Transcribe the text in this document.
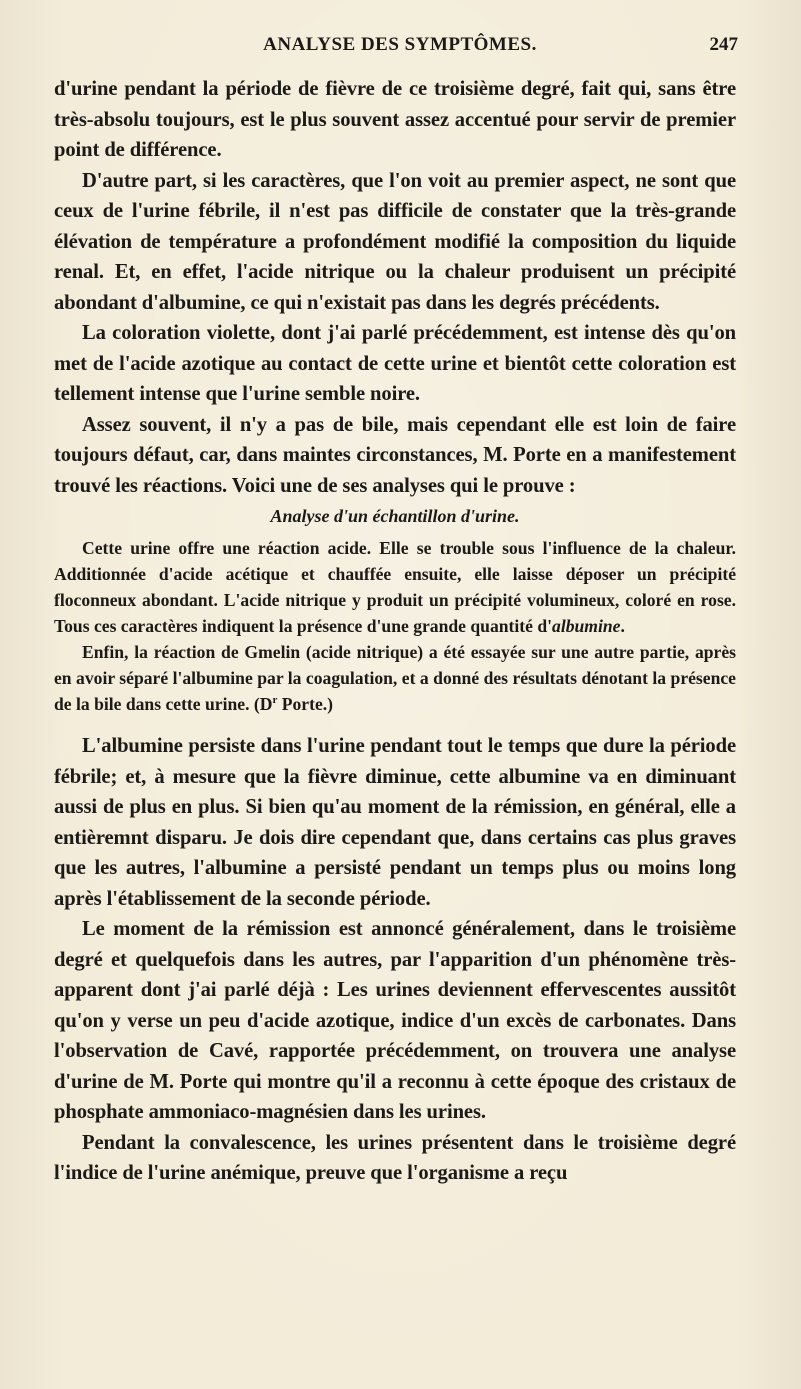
ANALYSE DES SYMPTÔMES.	247

d'urine pendant la période de fièvre de ce troisième degré, fait qui, sans être très-absolu toujours, est le plus souvent assez accentué pour servir de premier point de différence.

D'autre part, si les caractères, que l'on voit au premier aspect, ne sont que ceux de l'urine fébrile, il n'est pas difficile de constater que la très-grande élévation de température a profondément modifié la composition du liquide renal. Et, en effet, l'acide nitrique ou la chaleur produisent un précipité abondant d'albumine, ce qui n'existait pas dans les degrés précédents.

La coloration violette, dont j'ai parlé précédemment, est intense dès qu'on met de l'acide azotique au contact de cette urine et bientôt cette coloration est tellement intense que l'urine semble noire.

Assez souvent, il n'y a pas de bile, mais cependant elle est loin de faire toujours défaut, car, dans maintes circonstances, M. Porte en a manifestement trouvé les réactions. Voici une de ses analyses qui le prouve :

Analyse d'un échantillon d'urine.

Cette urine offre une réaction acide. Elle se trouble sous l'influence de la chaleur. Additionnée d'acide acétique et chauffée ensuite, elle laisse déposer un précipité floconneux abondant. L'acide nitrique y produit un précipité volumineux, coloré en rose. Tous ces caractères indiquent la présence d'une grande quantité d'albumine.

Enfin, la réaction de Gmelin (acide nitrique) a été essayée sur une autre partie, après en avoir séparé l'albumine par la coagulation, et a donné des résultats dénotant la présence de la bile dans cette urine. ($D^r$ Porte.)

L'albumine persiste dans l'urine pendant tout le temps que dure la période fébrile; et, à mesure que la fièvre diminue, cette albumine va en diminuant aussi de plus en plus. Si bien qu'au moment de la rémission, en général, elle a entièremnt disparu. Je dois dire cependant que, dans certains cas plus graves que les autres, l'albumine a persisté pendant un temps plus ou moins long après l'établissement de la seconde période.

Le moment de la rémission est annoncé généralement, dans le troisième degré et quelquefois dans les autres, par l'apparition d'un phénomène très-apparent dont j'ai parlé déjà : Les urines deviennent effervescentes aussitôt qu'on y verse un peu d'acide azotique, indice d'un excès de carbonates. Dans l'observation de Cavé, rapportée précédemment, on trouvera une analyse d'urine de M. Porte qui montre qu'il a reconnu à cette époque des cristaux de phosphate ammoniaco-magnésien dans les urines.

Pendant la convalescence, les urines présentent dans le troisième degré l'indice de l'urine anémique, preuve que l'organisme a reçu
